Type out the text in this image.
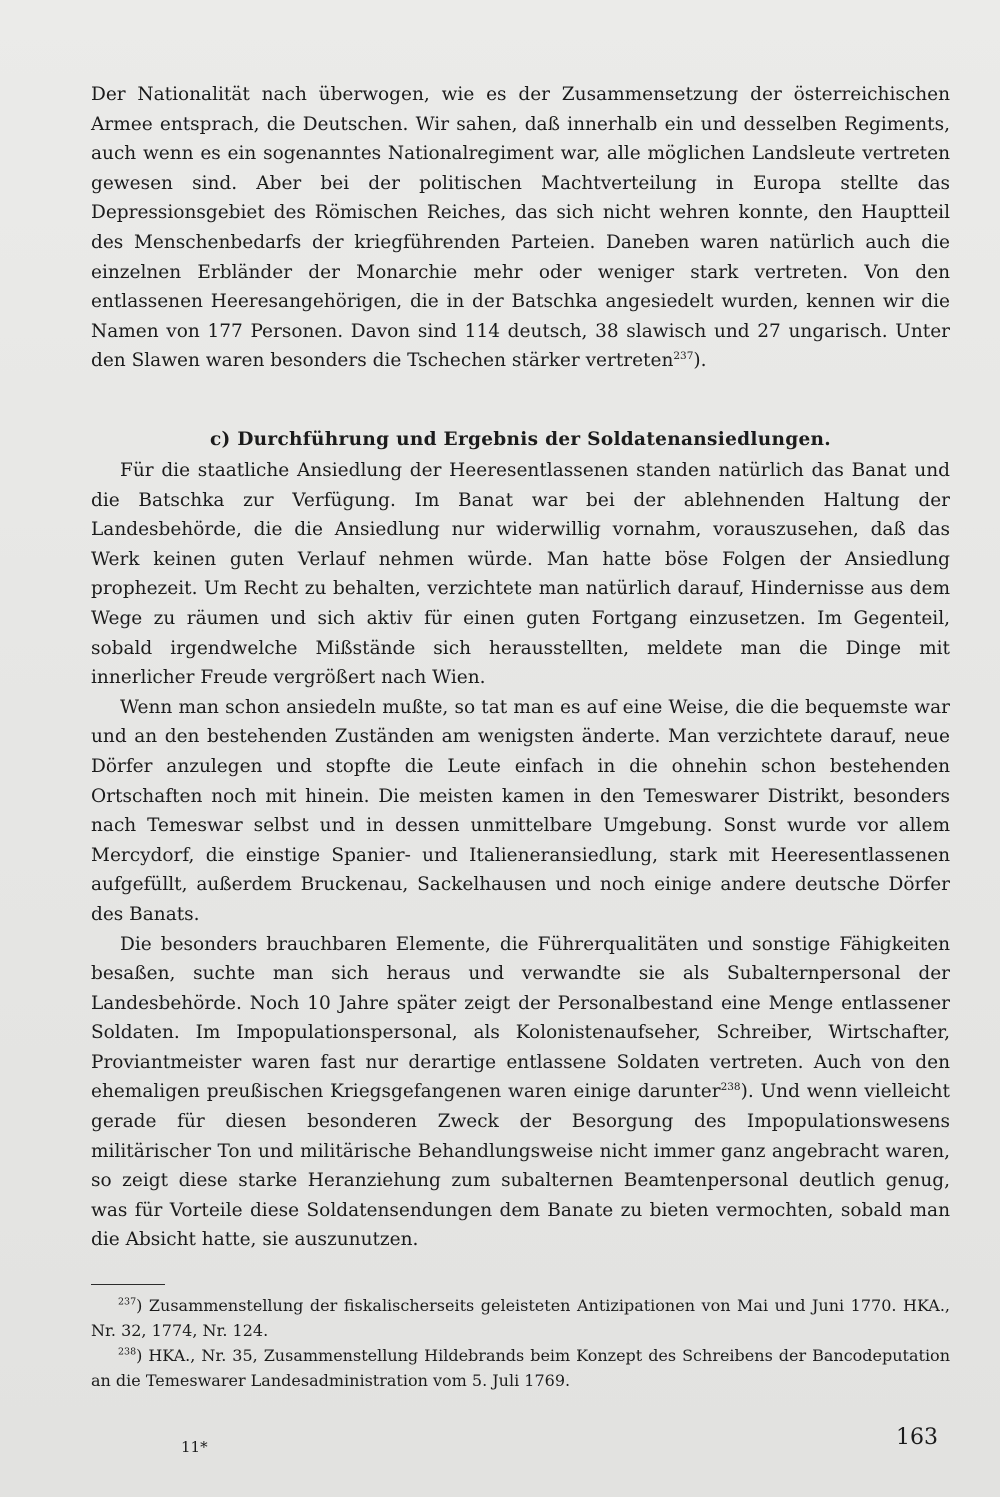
Der Nationalität nach überwogen, wie es der Zusammensetzung der österreichischen Armee entsprach, die Deutschen. Wir sahen, daß innerhalb ein und desselben Regiments, auch wenn es ein sogenanntes Nationalregiment war, alle möglichen Landsleute vertreten gewesen sind. Aber bei der politischen Machtverteilung in Europa stellte das Depressionsgebiet des Römischen Reiches, das sich nicht wehren konnte, den Hauptteil des Menschenbedarfs der kriegführenden Parteien. Daneben waren natürlich auch die einzelnen Erbländer der Monarchie mehr oder weniger stark vertreten. Von den entlassenen Heeresangehörigen, die in der Batschka angesiedelt wurden, kennen wir die Namen von 177 Personen. Davon sind 114 deutsch, 38 slawisch und 27 ungarisch. Unter den Slawen waren besonders die Tschechen stärker vertreten$^{237}$).

c) Durchführung und Ergebnis der Soldatenansiedlungen.

Für die staatliche Ansiedlung der Heeresentlassenen standen natürlich das Banat und die Batschka zur Verfügung. Im Banat war bei der ablehnenden Haltung der Landesbehörde, die die Ansiedlung nur widerwillig vornahm, vorauszusehen, daß das Werk keinen guten Verlauf nehmen würde. Man hatte böse Folgen der Ansiedlung prophezeit. Um Recht zu behalten, verzichtete man natürlich darauf, Hindernisse aus dem Wege zu räumen und sich aktiv für einen guten Fortgang einzusetzen. Im Gegenteil, sobald irgendwelche Mißstände sich herausstellten, meldete man die Dinge mit innerlicher Freude vergrößert nach Wien.

Wenn man schon ansiedeln mußte, so tat man es auf eine Weise, die die bequemste war und an den bestehenden Zuständen am wenigsten änderte. Man verzichtete darauf, neue Dörfer anzulegen und stopfte die Leute einfach in die ohnehin schon bestehenden Ortschaften noch mit hinein. Die meisten kamen in den Temeswarer Distrikt, besonders nach Temeswar selbst und in dessen unmittelbare Umgebung. Sonst wurde vor allem Mercydorf, die einstige Spanier- und Italieneransiedlung, stark mit Heeresentlassenen aufgefüllt, außerdem Bruckenau, Sackelhausen und noch einige andere deutsche Dörfer des Banats.

Die besonders brauchbaren Elemente, die Führerqualitäten und sonstige Fähigkeiten besaßen, suchte man sich heraus und verwandte sie als Subalternpersonal der Landesbehörde. Noch 10 Jahre später zeigt der Personalbestand eine Menge entlassener Soldaten. Im Impopulationspersonal, als Kolonistenaufseher, Schreiber, Wirtschafter, Proviantmeister waren fast nur derartige entlassene Soldaten vertreten. Auch von den ehemaligen preußischen Kriegsgefangenen waren einige darunter$^{238}$). Und wenn vielleicht gerade für diesen besonderen Zweck der Besorgung des Impopulationswesens militärischer Ton und militärische Behandlungsweise nicht immer ganz angebracht waren, so zeigt diese starke Heranziehung zum subalternen Beamtenpersonal deutlich genug, was für Vorteile diese Soldatensendungen dem Banate zu bieten vermochten, sobald man die Absicht hatte, sie auszunutzen.

$^{237}$) Zusammenstellung der fiskalischerseits geleisteten Antizipationen von Mai und Juni 1770. HKA., Nr. 32, 1774, Nr. 124.

$^{238}$) HKA., Nr. 35, Zusammenstellung Hildebrands beim Konzept des Schreibens der Bancodeputation an die Temeswarer Landesadministration vom 5. Juli 1769.

11*	163
